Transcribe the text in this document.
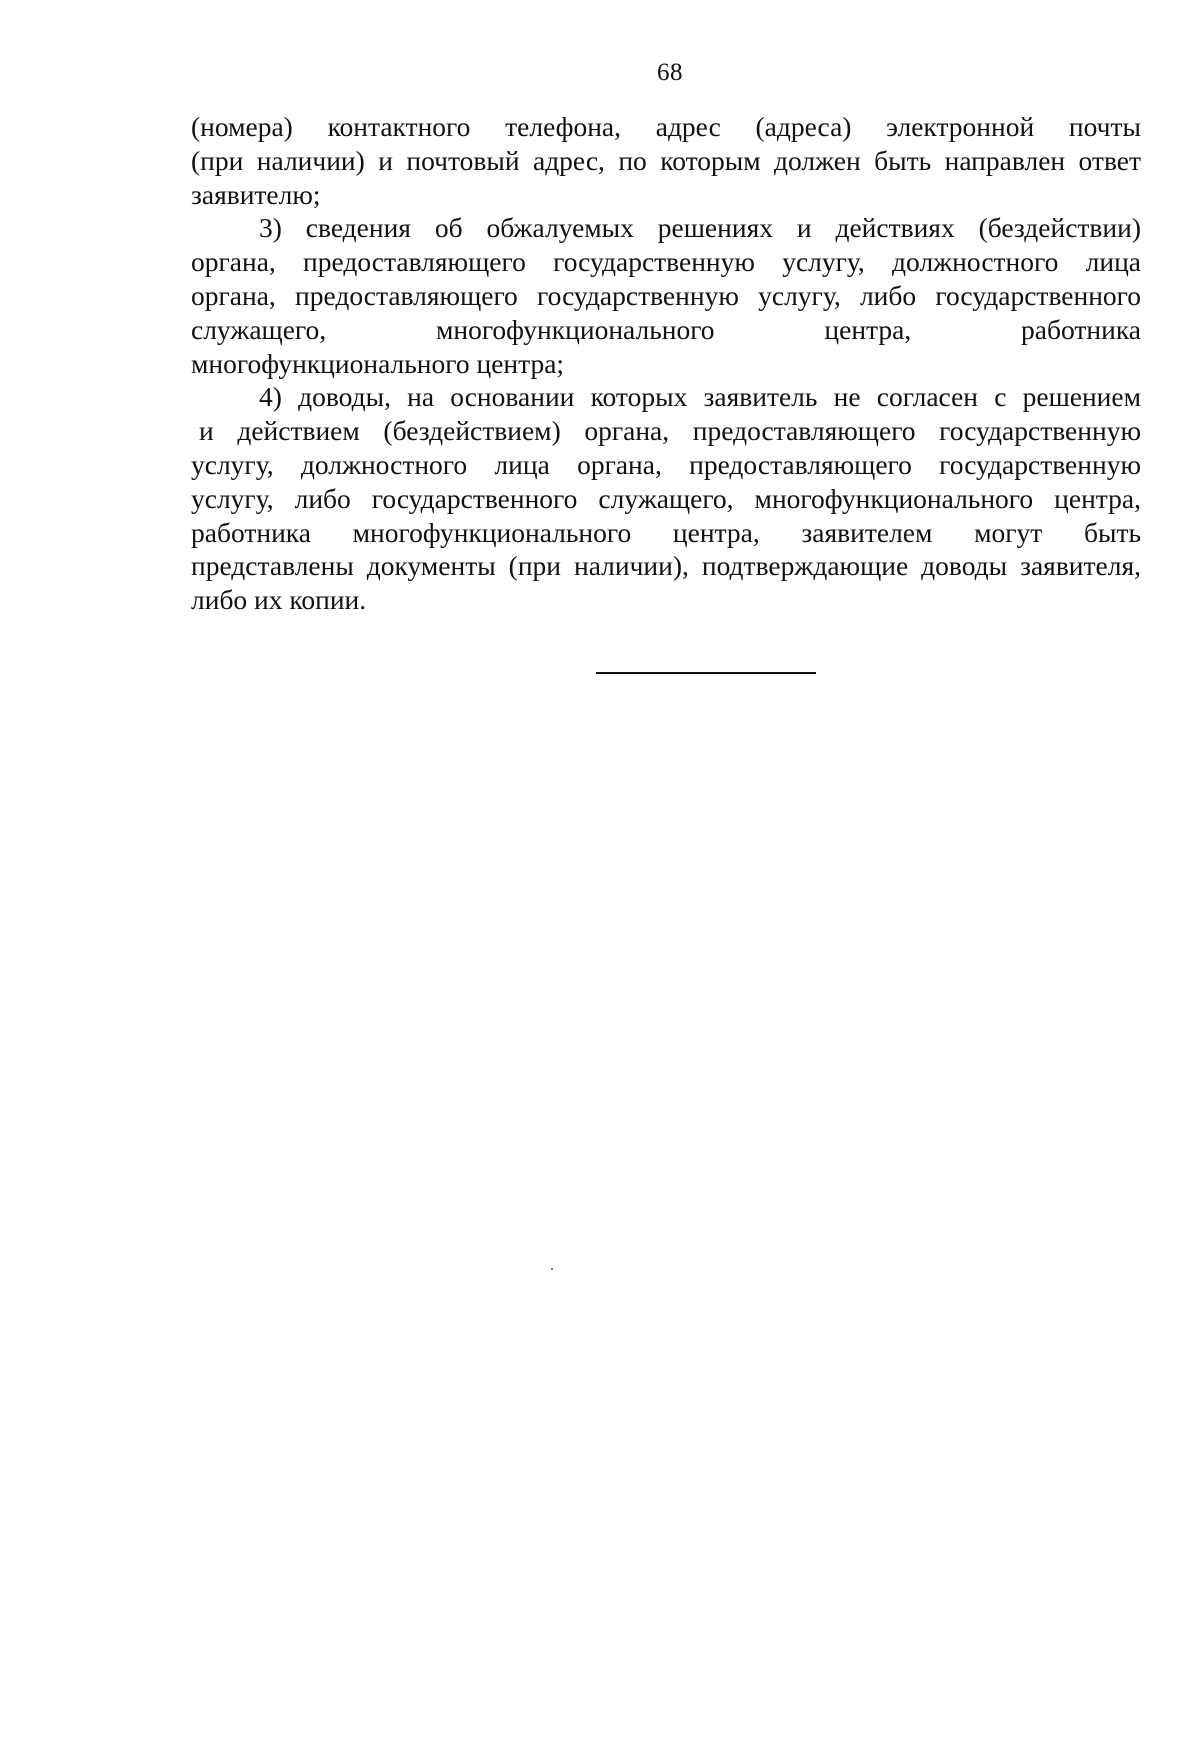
68
(номера) контактного телефона, адрес (адреса) электронной почты
(при наличии) и почтовый адрес, по которым должен быть направлен ответ
заявителю;
3) сведения об обжалуемых решениях и действиях (бездействии)
органа, предоставляющего государственную услугу, должностного лица
органа, предоставляющего государственную услугу, либо государственного
служащего, многофункционального центра, работника
многофункционального центра;
4) доводы, на основании которых заявитель не согласен с решением
и действием (бездействием) органа, предоставляющего государственную
услугу, должностного лица органа, предоставляющего государственную
услугу, либо государственного служащего, многофункционального центра,
работника многофункционального центра, заявителем могут быть
представлены документы (при наличии), подтверждающие доводы заявителя,
либо их копии.
